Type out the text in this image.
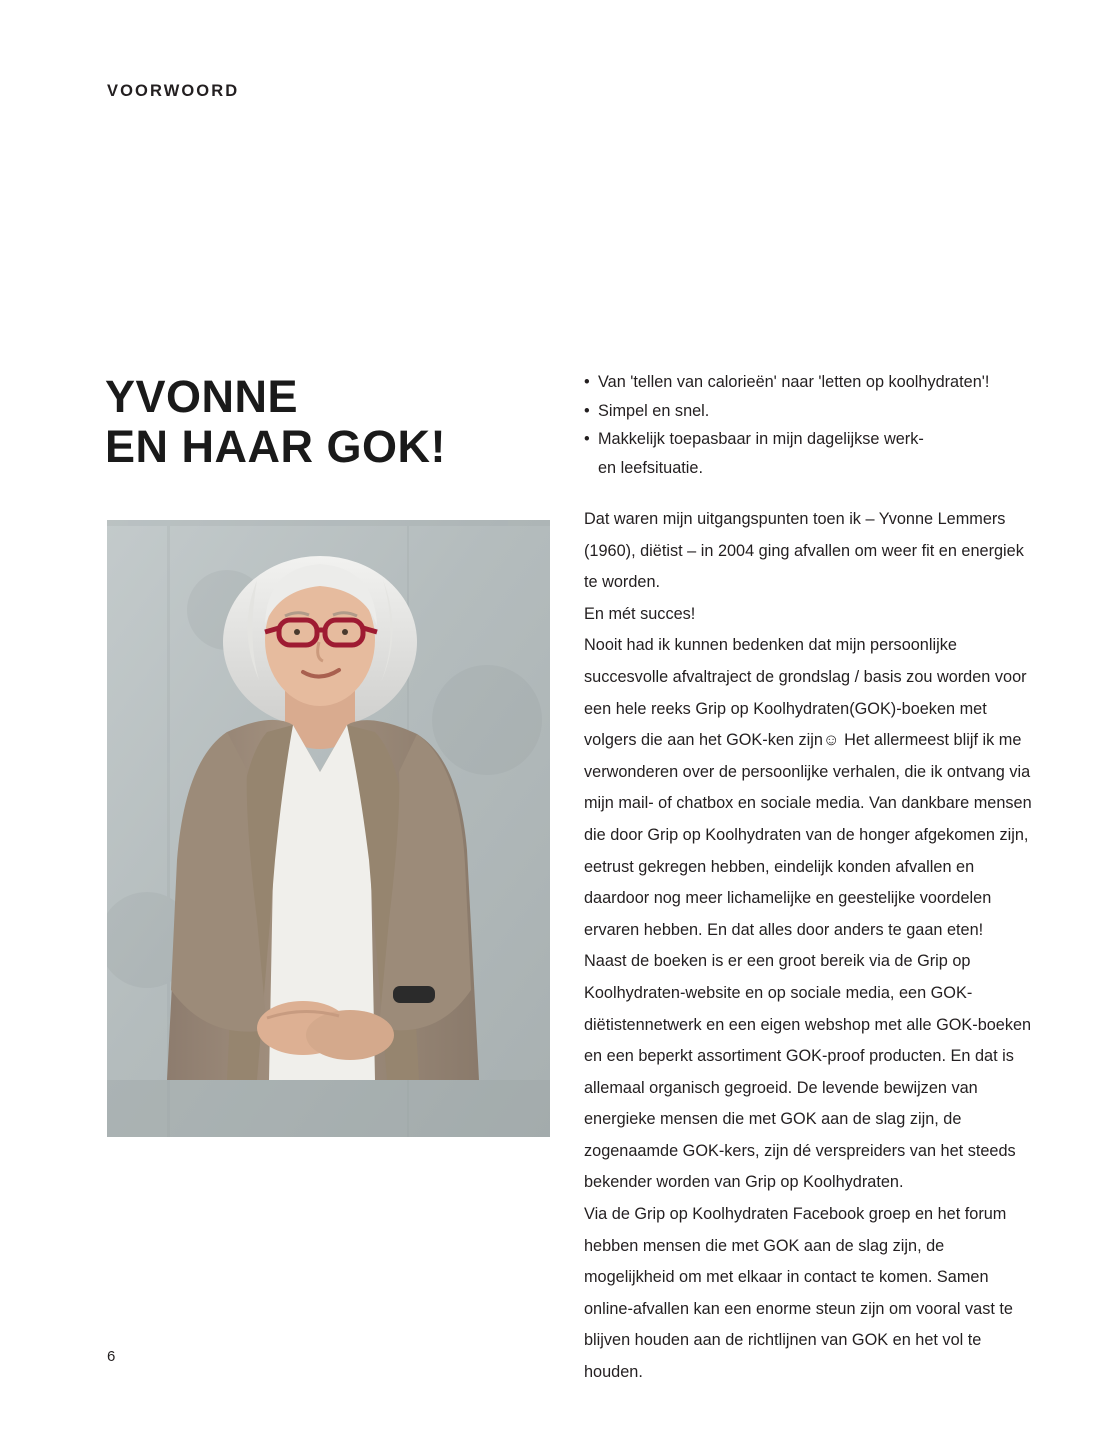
VOORWOORD
YVONNE
EN HAAR GOK!
• Van 'tellen van calorieën' naar 'letten op koolhydraten'!
• Simpel en snel.
• Makkelijk toepasbaar in mijn dagelijkse werk-
en leefsituatie.

Dat waren mijn uitgangspunten toen ik – Yvonne Lemmers (1960), diëtist – in 2004 ging afvallen om weer fit en energiek te worden.

En mét succes!

Nooit had ik kunnen bedenken dat mijn persoonlijke succesvolle afvaltraject de grondslag / basis zou worden voor een hele reeks Grip op Koolhydraten(GOK)-boeken met volgers die aan het GOK-ken zijn☺ Het allermeest blijf ik me verwonderen over de persoonlijke verhalen, die ik ontvang via mijn mail- of chatbox en sociale media. Van dankbare mensen die door Grip op Koolhydraten van de honger afgekomen zijn, eetrust gekregen hebben, eindelijk konden afvallen en daardoor nog meer lichamelijke en geestelijke voordelen ervaren hebben. En dat alles door anders te gaan eten!

Naast de boeken is er een groot bereik via de Grip op Koolhydraten-website en op sociale media, een GOK-diëtistennetwerk en een eigen webshop met alle GOK-boeken en een beperkt assortiment GOK-proof producten. En dat is allemaal organisch gegroeid. De levende bewijzen van energieke mensen die met GOK aan de slag zijn, de zogenaamde GOK-kers, zijn dé verspreiders van het steeds bekender worden van Grip op Koolhydraten.

Via de Grip op Koolhydraten Facebook groep en het forum hebben mensen die met GOK aan de slag zijn, de mogelijkheid om met elkaar in contact te komen. Samen online-afvallen kan een enorme steun zijn om vooral vast te blijven houden aan de richtlijnen van GOK en het vol te houden.

6
